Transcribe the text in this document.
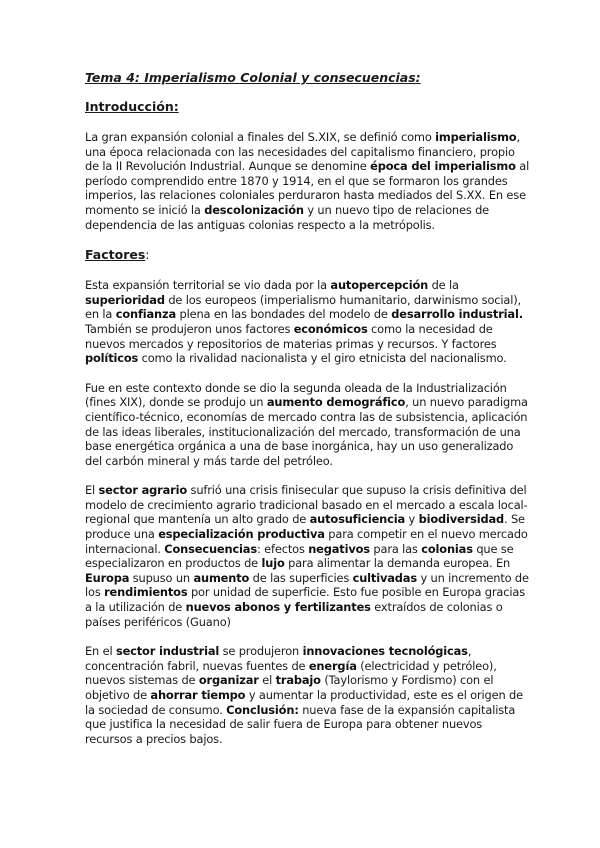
Tema 4: Imperialismo Colonial y consecuencias:
Introducción:

La gran expansión colonial a finales del S.XIX, se definió como imperialismo, una época relacionada con las necesidades del capitalismo financiero, propio de la II Revolución Industrial. Aunque se denomine época del imperialismo al período comprendido entre 1870 y 1914, en el que se formaron los grandes imperios, las relaciones coloniales perduraron hasta mediados del S.XX. En ese momento se inició la descolonización y un nuevo tipo de relaciones de dependencia de las antiguas colonias respecto a la metrópolis.

Factores:

Esta expansión territorial se vio dada por la autopercepción de la superioridad de los europeos (imperialismo humanitario, darwinismo social), en la confianza plena en las bondades del modelo de desarrollo industrial. También se produjeron unos factores económicos como la necesidad de nuevos mercados y repositorios de materias primas y recursos. Y factores políticos como la rivalidad nacionalista y el giro etnicista del nacionalismo.

Fue en este contexto donde se dio la segunda oleada de la Industrialización (fines XIX), donde se produjo un aumento demográfico, un nuevo paradigma científico-técnico, economías de mercado contra las de subsistencia, aplicación de las ideas liberales, institucionalización del mercado, transformación de una base energética orgánica a una de base inorgánica, hay un uso generalizado del carbón mineral y más tarde del petróleo.

El sector agrario sufrió una crisis finisecular que supuso la crisis definitiva del modelo de crecimiento agrario tradicional basado en el mercado a escala local-regional que mantenía un alto grado de autosuficiencia y biodiversidad. Se produce una especialización productiva para competir en el nuevo mercado internacional. Consecuencias: efectos negativos para las colonias que se especializaron en productos de lujo para alimentar la demanda europea. En Europa supuso un aumento de las superficies cultivadas y un incremento de los rendimientos por unidad de superficie. Esto fue posible en Europa gracias a la utilización de nuevos abonos y fertilizantes extraídos de colonias o países periféricos (Guano)

En el sector industrial se produjeron innovaciones tecnológicas, concentración fabril, nuevas fuentes de energía (electricidad y petróleo), nuevos sistemas de organizar el trabajo (Taylorismo y Fordismo) con el objetivo de ahorrar tiempo y aumentar la productividad, este es el origen de la sociedad de consumo. Conclusión: nueva fase de la expansión capitalista que justifica la necesidad de salir fuera de Europa para obtener nuevos recursos a precios bajos.
